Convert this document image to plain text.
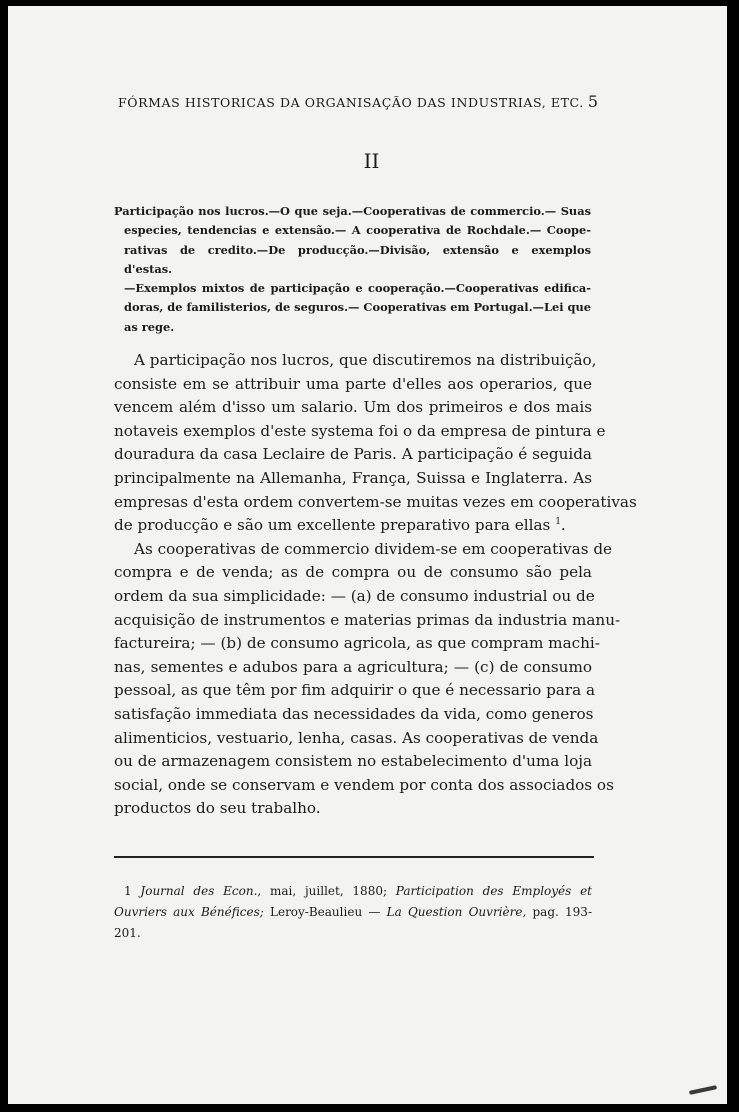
FÓRMAS HISTORICAS DA ORGANISAÇÃO DAS INDUSTRIAS, ETC. 5
II
Participação nos lucros.—O que seja.—Cooperativas de commercio.— Suas
especies, tendencias e extensão.— A cooperativa de Rochdale.— Coope-
rativas de credito.—De producção.—Divisão, extensão e exemplos d'estas.
—Exemplos mixtos de participação e cooperação.—Cooperativas edifica-
doras, de familisterios, de seguros.— Cooperativas em Portugal.—Lei que
as rege.
A participação nos lucros, que discutiremos na distribuição,
consiste em se attribuir uma parte d'elles aos operarios, que
vencem além d'isso um salario. Um dos primeiros e dos mais
notaveis exemplos d'este systema foi o da empresa de pintura e
douradura da casa Leclaire de Paris. A participação é seguida
principalmente na Allemanha, França, Suissa e Inglaterra. As
empresas d'esta ordem convertem-se muitas vezes em cooperativas
de producção e são um excellente preparativo para ellas $^1$.
As cooperativas de commercio dividem-se em cooperativas de
compra e de venda; as de compra ou de consumo são pela
ordem da sua simplicidade: — (a) de consumo industrial ou de
acquisição de instrumentos e materias primas da industria manu-
factureira; — (b) de consumo agricola, as que compram machi-
nas, sementes e adubos para a agricultura; — (c) de consumo
pessoal, as que têm por fim adquirir o que é necessario para a
satisfação immediata das necessidades da vida, como generos
alimenticios, vestuario, lenha, casas. As cooperativas de venda
ou de armazenagem consistem no estabelecimento d'uma loja
social, onde se conservam e vendem por conta dos associados os
productos do seu trabalho.
1 Journal des Econ., mai, juillet, 1880; Participation des Employés et
Ouvriers aux Bénéfices; Leroy-Beaulieu — La Question Ouvrière, pag. 193-
201.
